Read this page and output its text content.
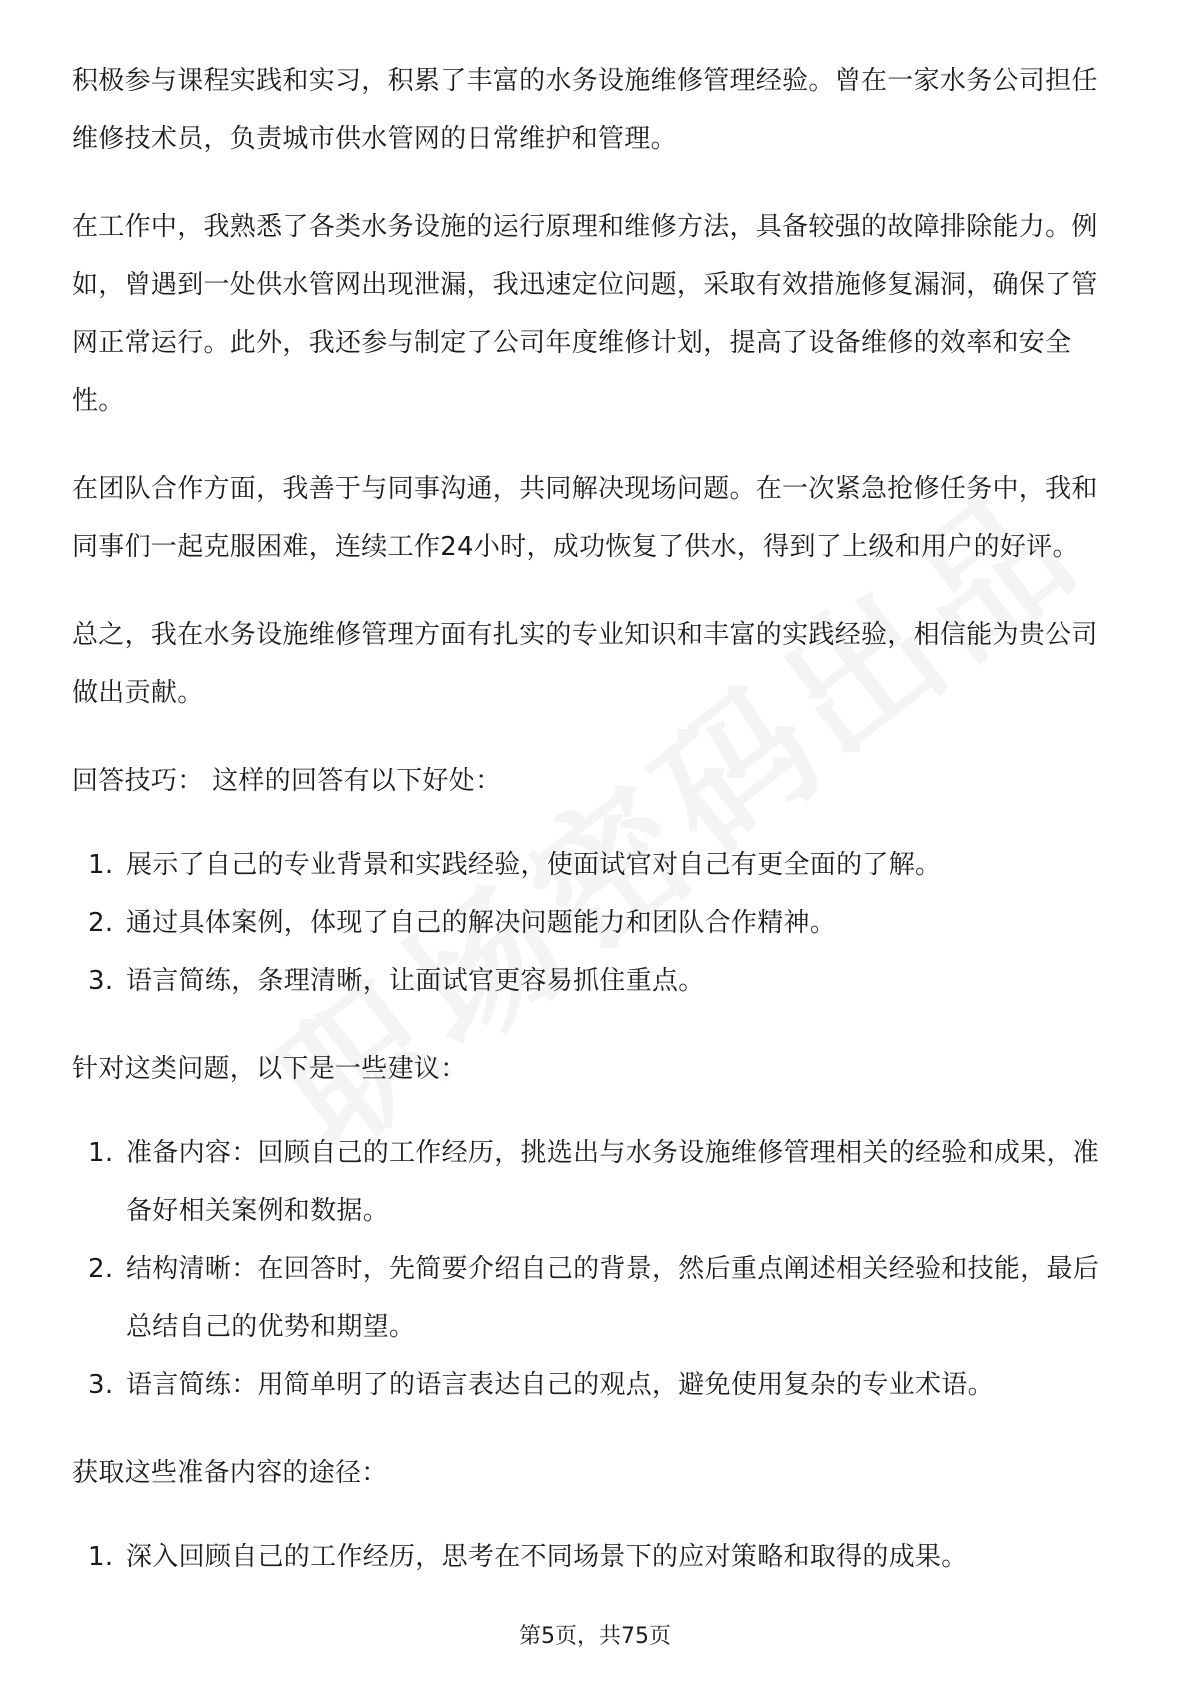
积极参与课程实践和实习，积累了丰富的水务设施维修管理经验。曾在一家水务公司担任维修技术员，负责城市供水管网的日常维护和管理。

在工作中，我熟悉了各类水务设施的运行原理和维修方法，具备较强的故障排除能力。例如，曾遇到一处供水管网出现泄漏，我迅速定位问题，采取有效措施修复漏洞，确保了管网正常运行。此外，我还参与制定了公司年度维修计划，提高了设备维修的效率和安全性。

在团队合作方面，我善于与同事沟通，共同解决现场问题。在一次紧急抢修任务中，我和同事们一起克服困难，连续工作24小时，成功恢复了供水，得到了上级和用户的好评。

总之，我在水务设施维修管理方面有扎实的专业知识和丰富的实践经验，相信能为贵公司做出贡献。

回答技巧： 这样的回答有以下好处：

1. 展示了自己的专业背景和实践经验，使面试官对自己有更全面的了解。
2. 通过具体案例，体现了自己的解决问题能力和团队合作精神。
3. 语言简练，条理清晰，让面试官更容易抓住重点。

针对这类问题，以下是一些建议：

1. 准备内容：回顾自己的工作经历，挑选出与水务设施维修管理相关的经验和成果，准备好相关案例和数据。
2. 结构清晰：在回答时，先简要介绍自己的背景，然后重点阐述相关经验和技能，最后总结自己的优势和期望。
3. 语言简练：用简单明了的语言表达自己的观点，避免使用复杂的专业术语。

获取这些准备内容的途径：

1. 深入回顾自己的工作经历，思考在不同场景下的应对策略和取得的成果。
第5页，共75页
